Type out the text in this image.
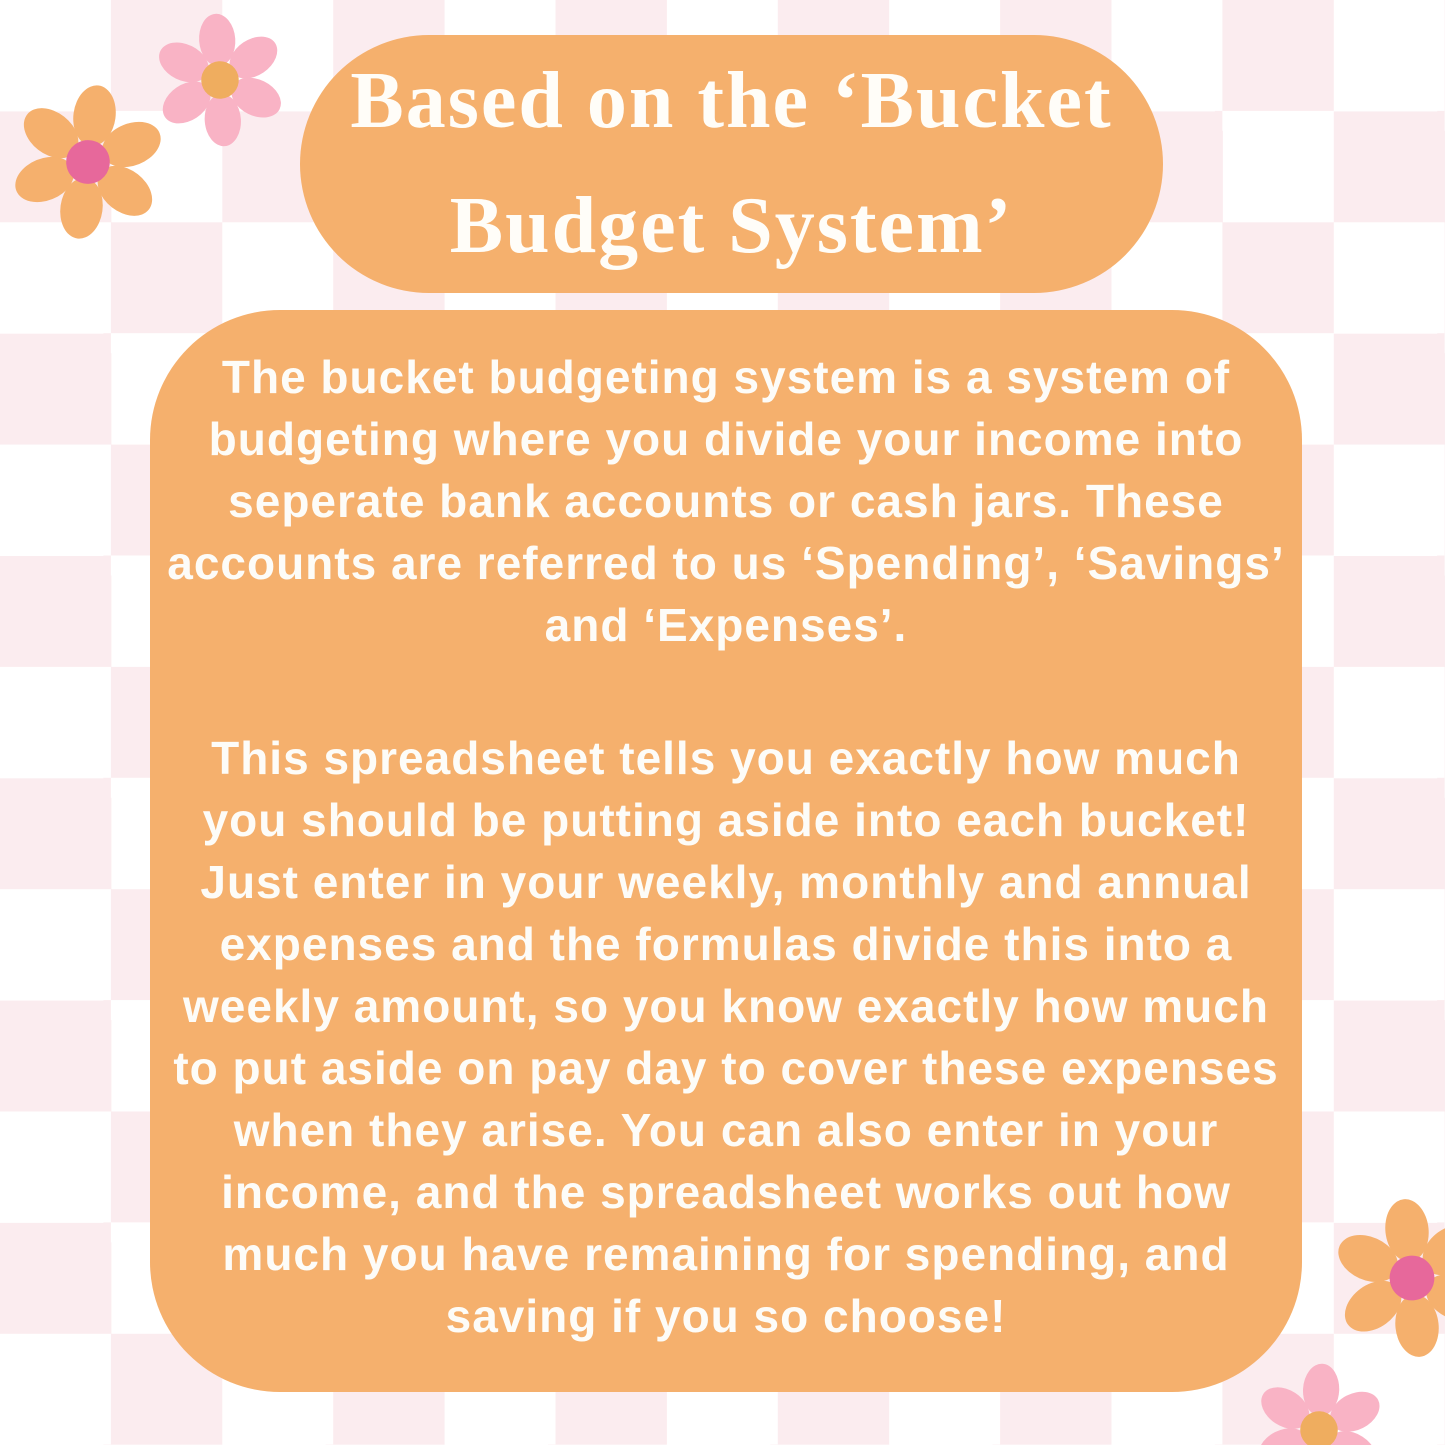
Based on the ‘Bucket
Budget System’
The bucket budgeting system is a system of
budgeting where you divide your income into
seperate bank accounts or cash jars. These
accounts are referred to us ‘Spending’, ‘Savings’
and ‘Expenses’.
This spreadsheet tells you exactly how much
you should be putting aside into each bucket!
Just enter in your weekly, monthly and annual
expenses and the formulas divide this into a
weekly amount, so you know exactly how much
to put aside on pay day to cover these expenses
when they arise. You can also enter in your
income, and the spreadsheet works out how
much you have remaining for spending, and
saving if you so choose!
